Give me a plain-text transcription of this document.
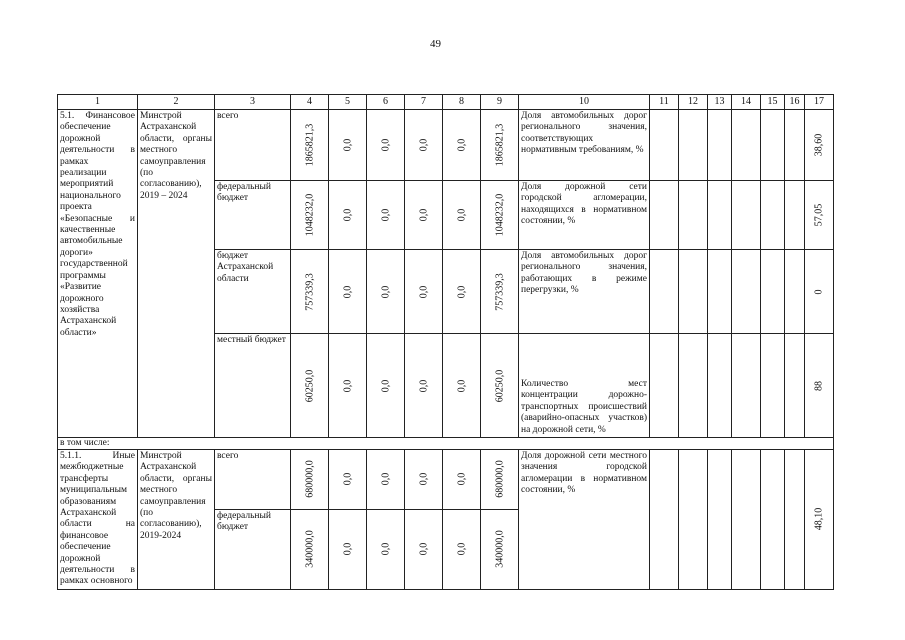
49
1	2	3	4	5	6	7	8	9	10	11	12	13	14	15	16	17
5.1. Финансовое обеспечение дорожной деятельности в рамках реализации мероприятий национального проекта «Безопасные и качественные автомобильные дороги» государственной программы «Развитие дорожного хозяйства Астраханской области»	Минстрой Астраханской области, органы местного самоуправления (по согласованию), 2019 – 2024	всего	1865821,3	0,0	0,0	0,0	0,0	1865821,3	Доля автомобильных дорог регионального значения, соответствующих нормативным требованиям, %							38,60

		федеральный бюджет	1048232,0	0,0	0,0	0,0	0,0	1048232,0	Доля дорожной сети городской агломерации, находящихся в нормативном состоянии, %							57,05

		бюджет Астраханской области	757339,3	0,0	0,0	0,0	0,0	757339,3	Доля автомобильных дорог регионального значения, работающих в режиме перегрузки, %							0

		местный бюджет	60250,0	0,0	0,0	0,0	0,0	60250,0	Количество мест концентрации дорожно-транспортных происшествий (аварийно-опасных участков) на дорожной сети, %							88

в том числе:																
5.1.1. Иные межбюджетные трансферты муниципальным образованиям Астраханской области на финансовое обеспечение дорожной деятельности в рамках основного	Минстрой Астраханской области, органы местного самоуправления (по согласованию), 2019-2024	всего	680000,0	0,0	0,0	0,0	0,0	680000,0	Доля дорожной сети местного значения городской агломерации в нормативном состоянии, %							48,10

		федеральный бюджет	340000,0	0,0	0,0	0,0	0,0	340000,0								
